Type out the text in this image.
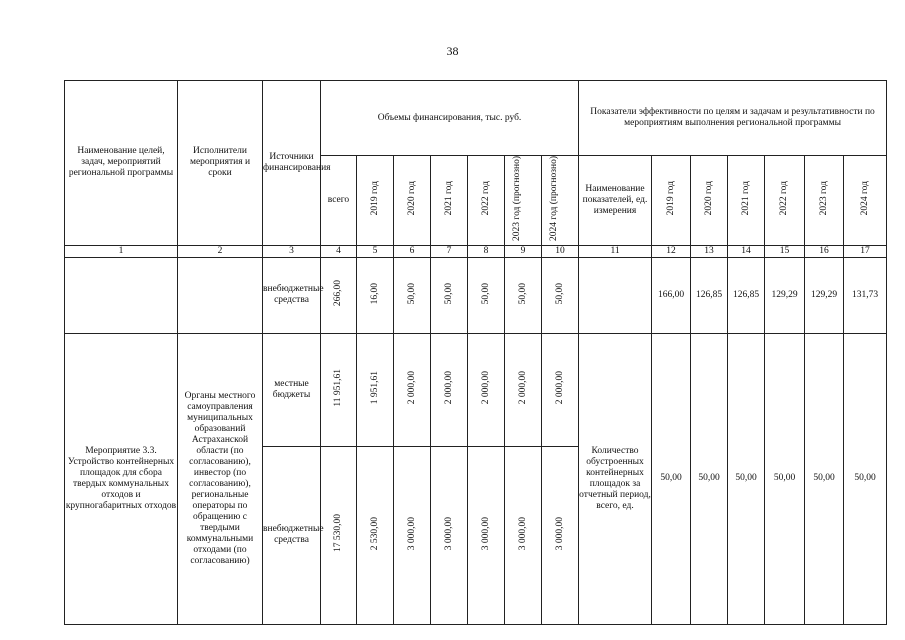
38
Наименование целей, задач, мероприятий региональной программы	Исполнители мероприятия и сроки	Источники финансирования	Объемы финансирования, тыс. руб.							Показатели эффективности по целям и задачам и результативности по мероприятиям выполнения региональной программы						
			всего	2019 год	2020 год	2021 год	2022 год	2023 год (прогнозно)	2024 год (прогнозно)	Наименование показателей, ед. измерения	2019 год	2020 год	2021 год	2022 год	2023 год	2024 год
1	2	3	4	5	6	7	8	9	10	11	12	13	14	15	16	17
		внебюджетные средства	266,00	16,00	50,00	50,00	50,00	50,00	50,00		166,00	126,85	126,85	129,29	129,29	131,73
Мероприятие 3.3. Устройство контейнерных площадок для сбора твердых коммунальных отходов и крупногабаритных отходов	Органы местного самоуправления муниципальных образований Астраханской области (по согласованию), инвестор (по согласованию), региональные операторы по обращению с твердыми коммунальными отходами (по согласованию)	местные бюджеты	11 951,61	1 951,61	2 000,00	2 000,00	2 000,00	2 000,00	2 000,00	Количество обустроенных контейнерных площадок за отчетный период, всего, ед.	50,00	50,00	50,00	50,00	50,00	50,00
		внебюджетные средства	17 530,00	2 530,00	3 000,00	3 000,00	3 000,00	3 000,00	3 000,00							
